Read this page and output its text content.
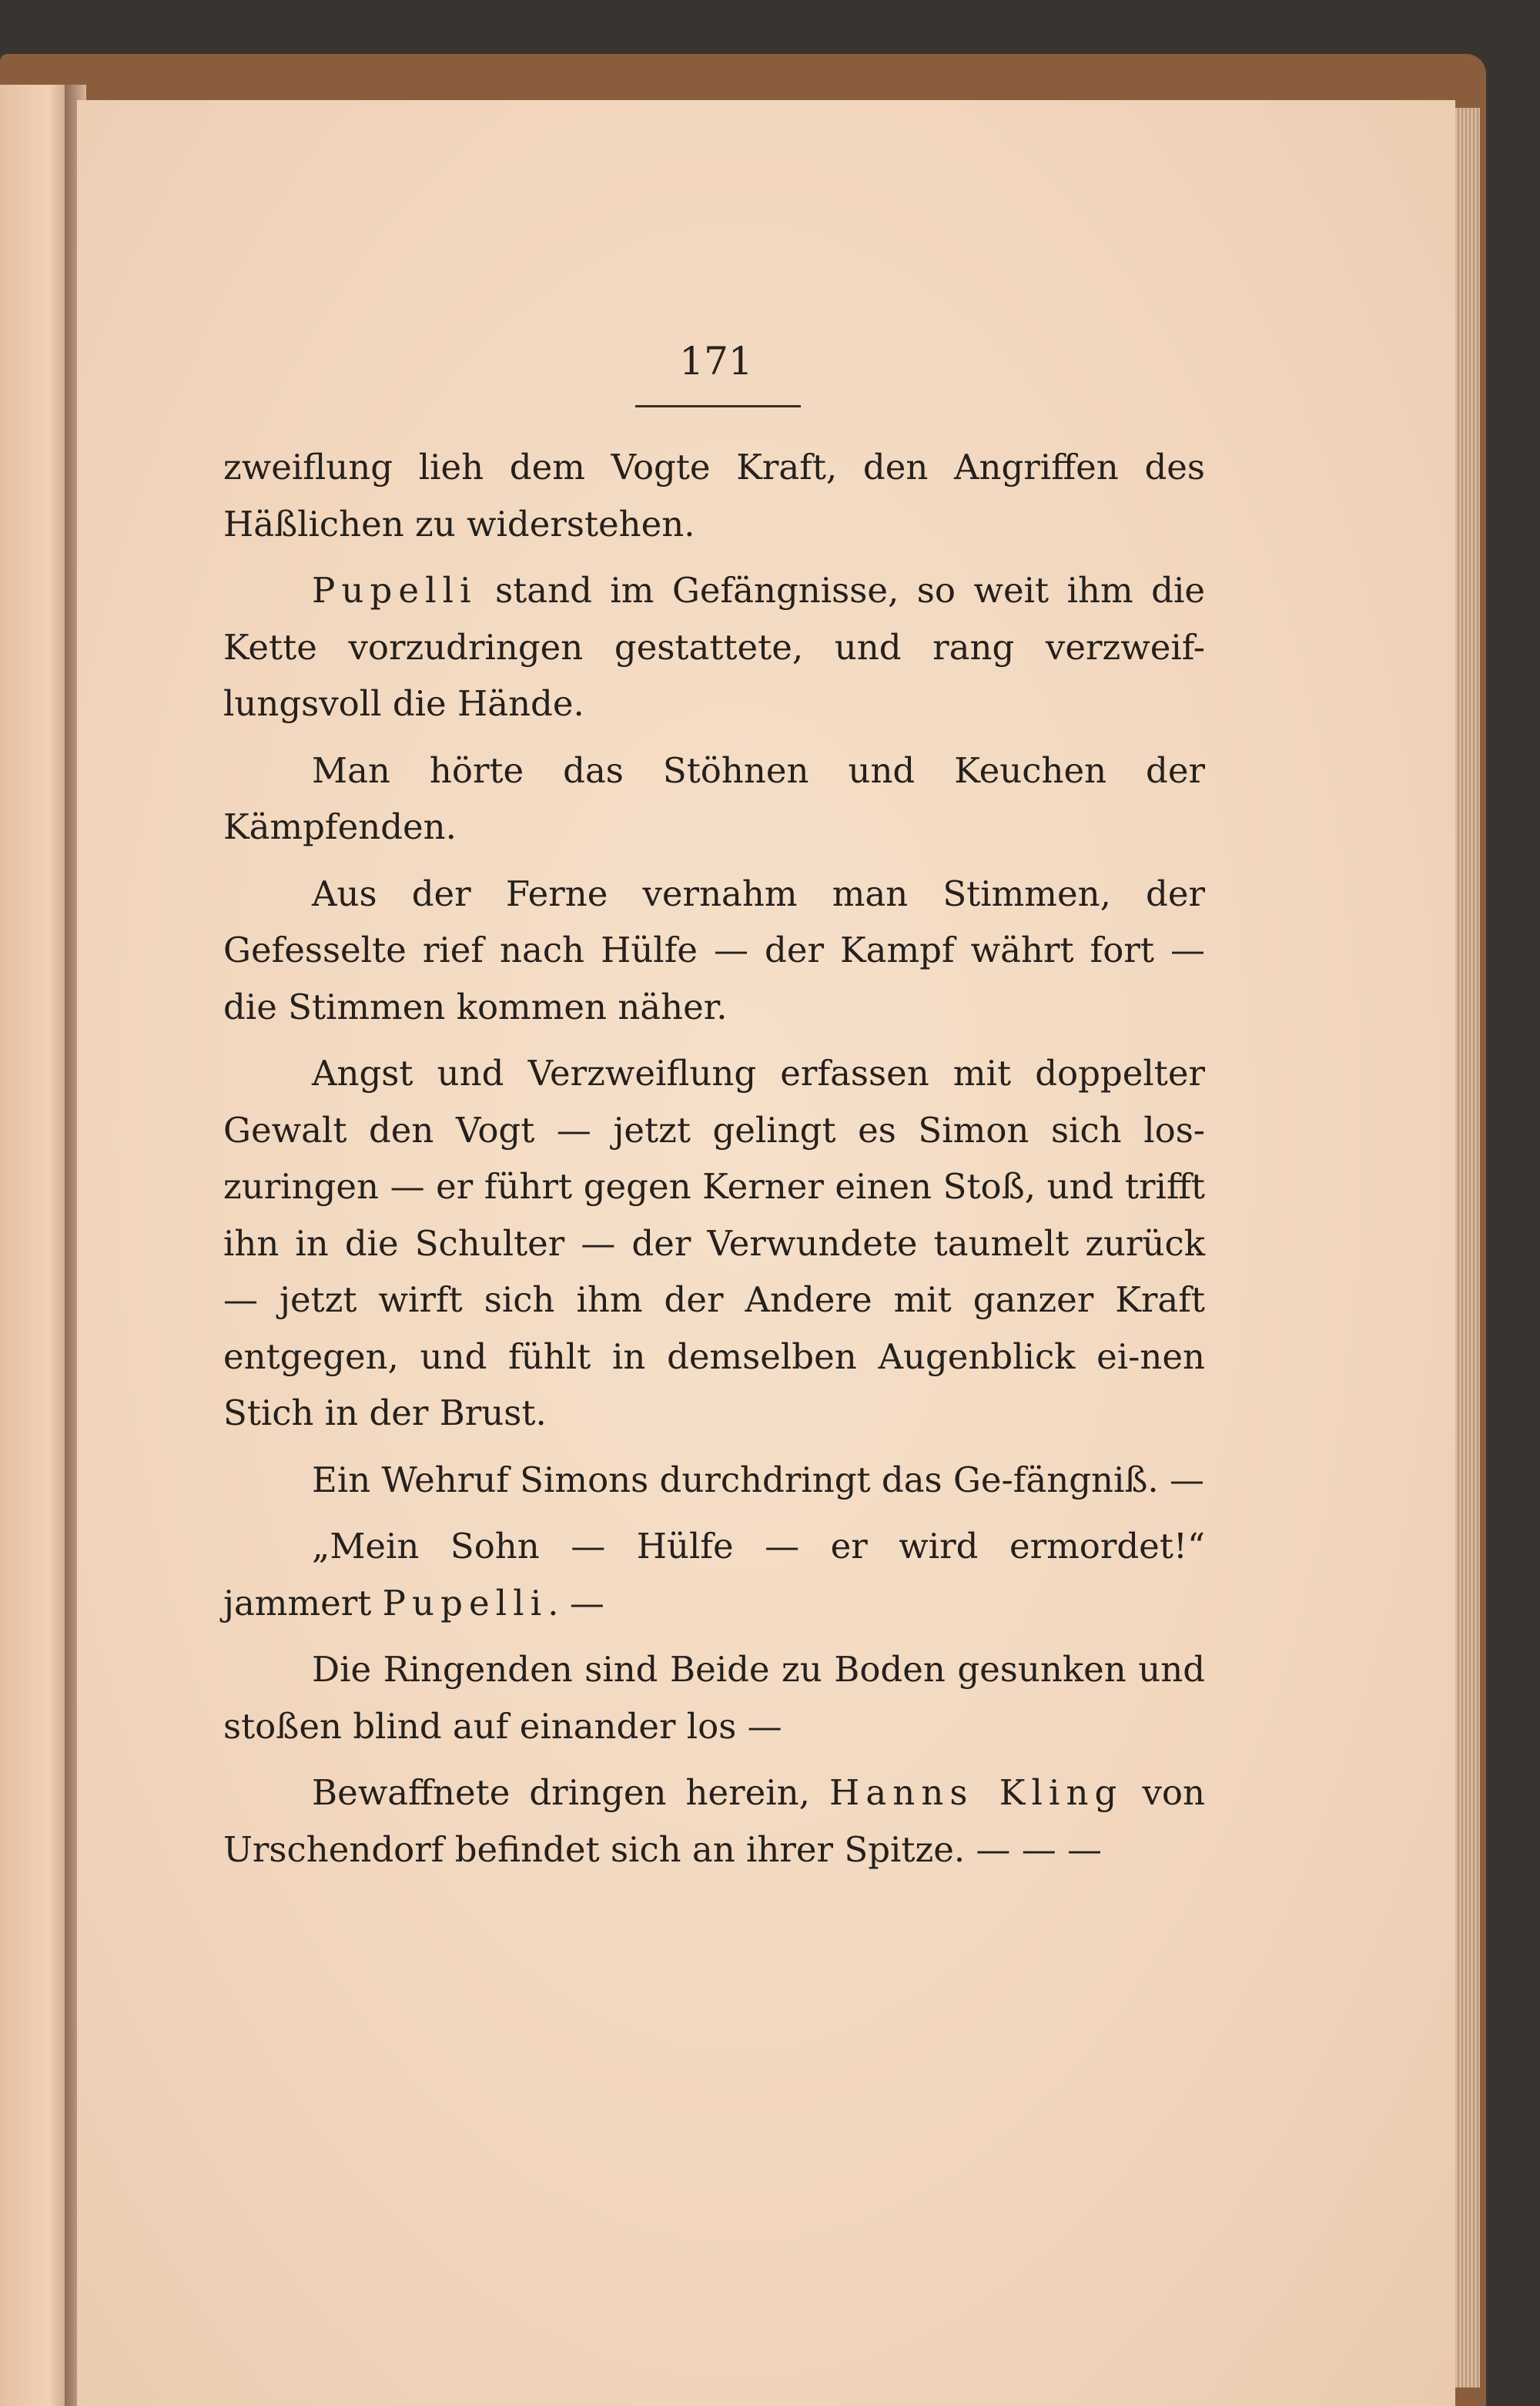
171

zweiflung lieh dem Vogte Kraft, den Angriffen des Häßlichen zu widerstehen.

Pupelli stand im Gefängnisse, so weit ihm die Kette vorzudringen gestattete, und rang verzweif-lungsvoll die Hände.

Man hörte das Stöhnen und Keuchen der Kämpfenden.

Aus der Ferne vernahm man Stimmen, der Gefesselte rief nach Hülfe — der Kampf währt fort — die Stimmen kommen näher.

Angst und Verzweiflung erfassen mit doppelter Gewalt den Vogt — jetzt gelingt es Simon sich los-zuringen — er führt gegen Kerner einen Stoß, und trifft ihn in die Schulter — der Verwundete taumelt zurück — jetzt wirft sich ihm der Andere mit ganzer Kraft entgegen, und fühlt in demselben Augenblick ei-nen Stich in der Brust.

Ein Wehruf Simons durchdringt das Ge-fängniß. —

„Mein Sohn — Hülfe — er wird ermordet!“ jammert Pupelli. —

Die Ringenden sind Beide zu Boden gesunken und stoßen blind auf einander los —

Bewaffnete dringen herein, Hanns Kling von Urschendorf befindet sich an ihrer Spitze. — — —
